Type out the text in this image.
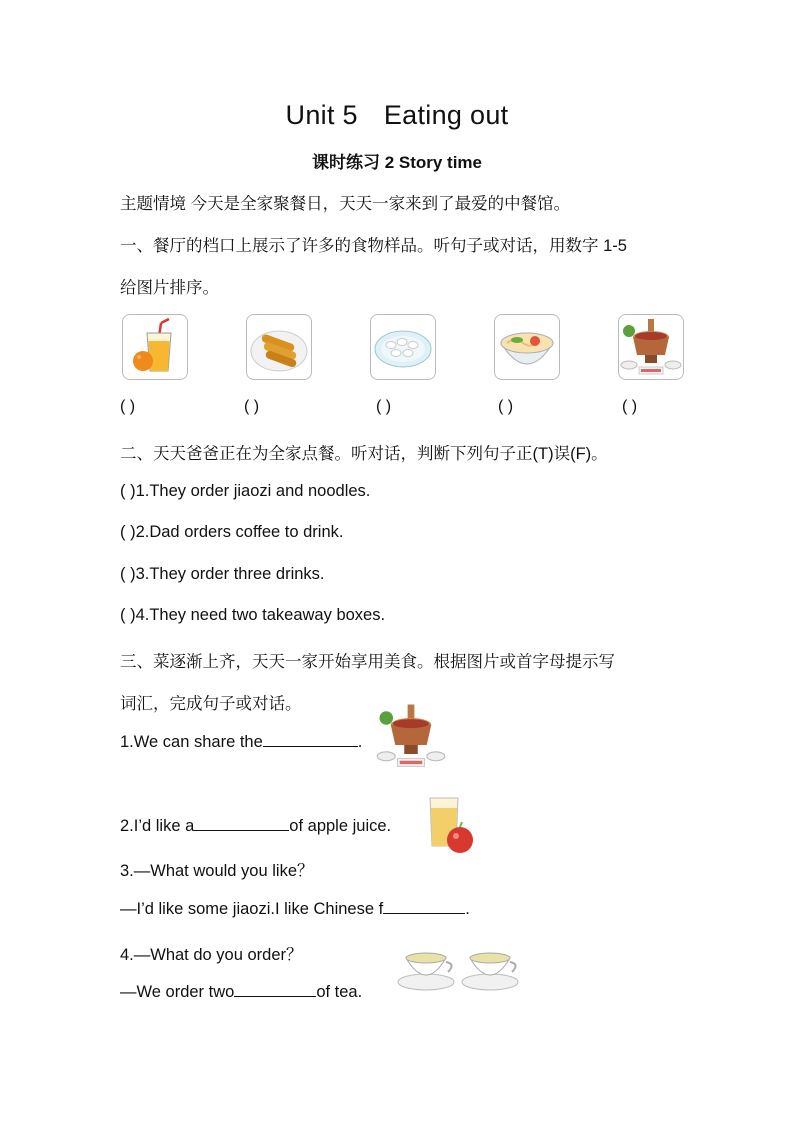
Unit 5 Eating out
课时练习 2 Story time
主题情境 今天是全家聚餐日，天天一家来到了最爱的中餐馆。
一、餐厅的档口上展示了许多的食物样品。听句子或对话，用数字 1-5
给图片排序。
( )	( )	( )	( )	( )
二、天天爸爸正在为全家点餐。听对话，判断下列句子正(T)误(F)。
( )1.They order jiaozi and noodles.
( )2.Dad orders coffee to drink.
( )3.They order three drinks.
( )4.They need two takeaway boxes.
三、菜逐渐上齐，天天一家开始享用美食。根据图片或首字母提示写
词汇，完成句子或对话。
1.We can share the	.
2.I’d like a	of apple juice.
3.—What would you like？
—I’d like some jiaozi.I like Chinese f	.
4.—What do you order？
—We order two	of tea.
